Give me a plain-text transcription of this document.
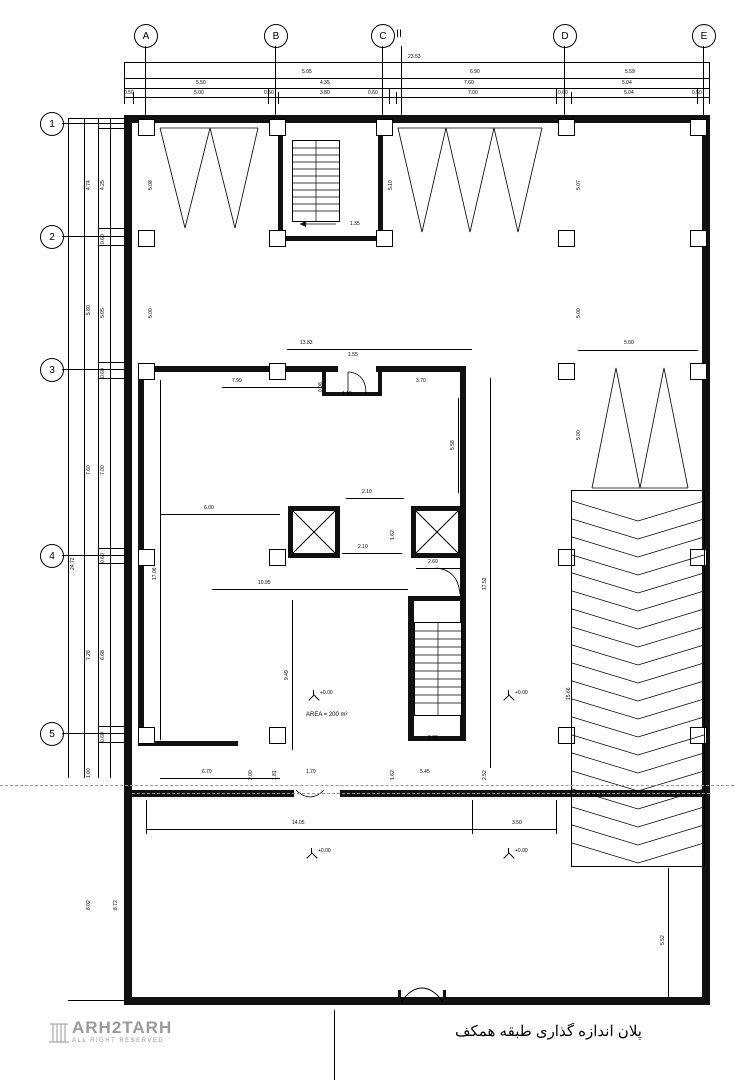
A	B	C II	D	E
1
2
3
4
5
23.53
5.05	6.90	5.59
5.50	4.35	7.60	5.04
0.50	5.00	0.50	3.80	0.60	7.00	0.60	5.04	0.50
24.72
4.74
5.80
7.60
7.28
8.02
4.25
0.60
5.05
0.60
7.00
0.60
6.68
0.60
8.72
1.00
13.83
1.55
7.99	3.70
1.10
0.08
5.08	5.10	5.07
1.35
5.00	5.00
5.00
5.00
5.58
6.00
2.10
2.10
1.62
2.60
10.95
17.06
17.52
9.49
15.66
1.62	2.52
6.70	2.00	1.81	1.70	5.45
2.60
14.05	3.50
5.52
+0.00	+0.00
+0.00	+0.00
AREA = 200 m²
پلان اندازه گذاری طبقه همکف
ARH2TARH
ALL RIGHT RESERVED
